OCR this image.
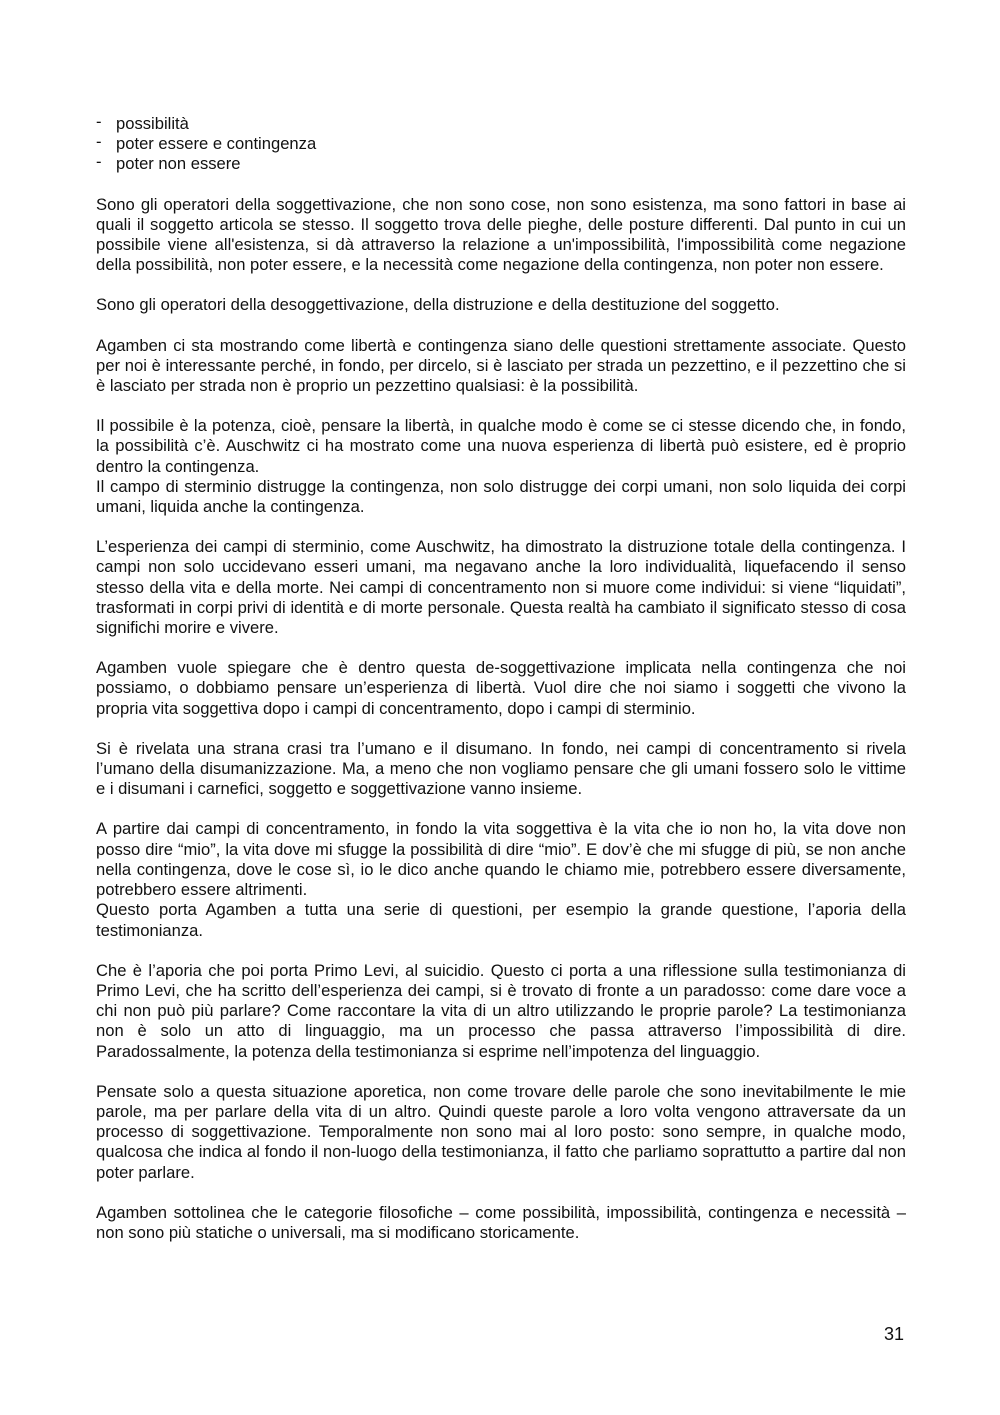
- possibilità
- poter essere e contingenza
- poter non essere

Sono gli operatori della soggettivazione, che non sono cose, non sono esistenza, ma sono fattori in base ai quali il soggetto articola se stesso. Il soggetto trova delle pieghe, delle posture differenti. Dal punto in cui un possibile viene all'esistenza, si dà attraverso la relazione a un'impossibilità, l'impossibilità come negazione della possibilità, non poter essere, e la necessità come negazione della contingenza, non poter non essere.

Sono gli operatori della desoggettivazione, della distruzione e della destituzione del soggetto.

Agamben ci sta mostrando come libertà e contingenza siano delle questioni strettamente associate. Questo per noi è interessante perché, in fondo, per dircelo, si è lasciato per strada un pezzettino, e il pezzettino che si è lasciato per strada non è proprio un pezzettino qualsiasi: è la possibilità.

Il possibile è la potenza, cioè, pensare la libertà, in qualche modo è come se ci stesse dicendo che, in fondo, la possibilità c’è. Auschwitz ci ha mostrato come una nuova esperienza di libertà può esistere, ed è proprio dentro la contingenza.

Il campo di sterminio distrugge la contingenza, non solo distrugge dei corpi umani, non solo liquida dei corpi umani, liquida anche la contingenza.

L’esperienza dei campi di sterminio, come Auschwitz, ha dimostrato la distruzione totale della contingenza. I campi non solo uccidevano esseri umani, ma negavano anche la loro individualità, liquefacendo il senso stesso della vita e della morte. Nei campi di concentramento non si muore come individui: si viene “liquidati”, trasformati in corpi privi di identità e di morte personale. Questa realtà ha cambiato il significato stesso di cosa significhi morire e vivere.

Agamben vuole spiegare che è dentro questa de-soggettivazione implicata nella contingenza che noi possiamo, o dobbiamo pensare un’esperienza di libertà. Vuol dire che noi siamo i soggetti che vivono la propria vita soggettiva dopo i campi di concentramento, dopo i campi di sterminio.

Si è rivelata una strana crasi tra l’umano e il disumano. In fondo, nei campi di concentramento si rivela l’umano della disumanizzazione. Ma, a meno che non vogliamo pensare che gli umani fossero solo le vittime e i disumani i carnefici, soggetto e soggettivazione vanno insieme.

A partire dai campi di concentramento, in fondo la vita soggettiva è la vita che io non ho, la vita dove non posso dire “mio”, la vita dove mi sfugge la possibilità di dire “mio”. E dov’è che mi sfugge di più, se non anche nella contingenza, dove le cose sì, io le dico anche quando le chiamo mie, potrebbero essere diversamente, potrebbero essere altrimenti.

Questo porta Agamben a tutta una serie di questioni, per esempio la grande questione, l’aporia della testimonianza.

Che è l’aporia che poi porta Primo Levi, al suicidio. Questo ci porta a una riflessione sulla testimonianza di Primo Levi, che ha scritto dell’esperienza dei campi, si è trovato di fronte a un paradosso: come dare voce a chi non può più parlare? Come raccontare la vita di un altro utilizzando le proprie parole? La testimonianza non è solo un atto di linguaggio, ma un processo che passa attraverso l’impossibilità di dire. Paradossalmente, la potenza della testimonianza si esprime nell’impotenza del linguaggio.

Pensate solo a questa situazione aporetica, non come trovare delle parole che sono inevitabilmente le mie parole, ma per parlare della vita di un altro. Quindi queste parole a loro volta vengono attraversate da un processo di soggettivazione. Temporalmente non sono mai al loro posto: sono sempre, in qualche modo, qualcosa che indica al fondo il non-luogo della testimonianza, il fatto che parliamo soprattutto a partire dal non poter parlare.

Agamben sottolinea che le categorie filosofiche – come possibilità, impossibilità, contingenza e necessità – non sono più statiche o universali, ma si modificano storicamente.

31
